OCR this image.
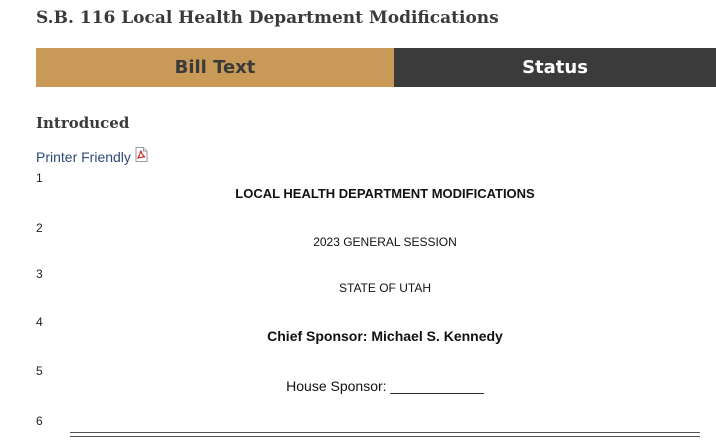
S.B. 116 Local Health Department Modifications
Bill Text	Status
Introduced
Printer Friendly
1
LOCAL HEALTH DEPARTMENT MODIFICATIONS
2
2023 GENERAL SESSION
3
STATE OF UTAH
4
Chief Sponsor: Michael S. Kennedy
5
House Sponsor: ____________
6
